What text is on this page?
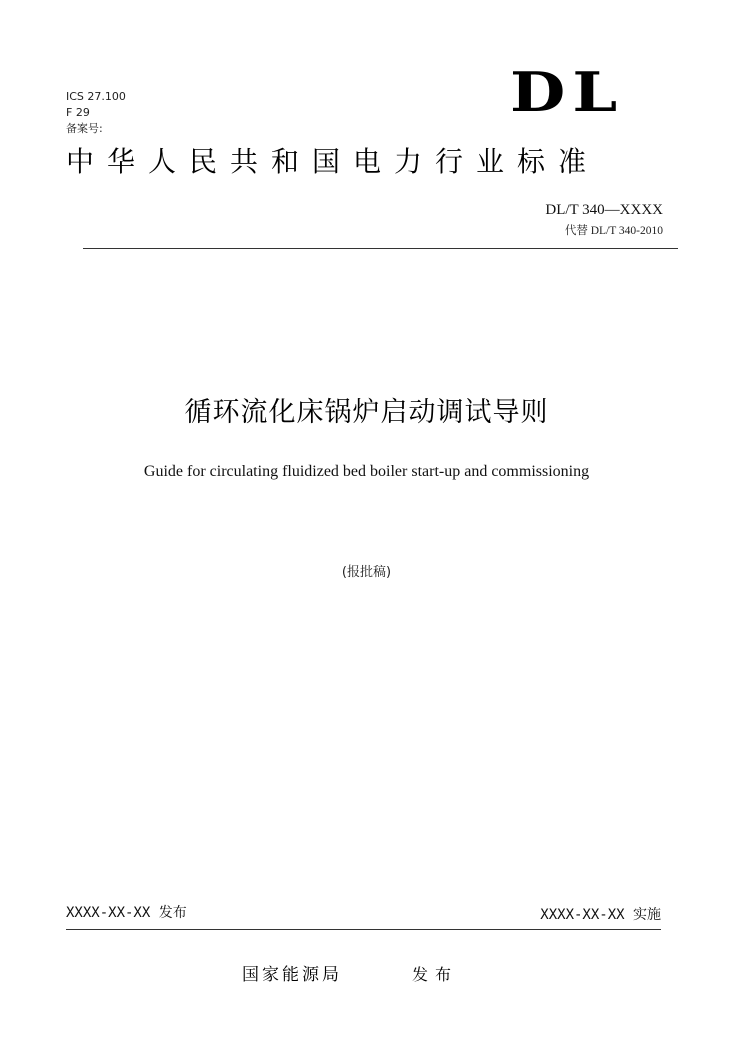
ICS 27.100
F 29
备案号:
DL
中华人民共和国电力行业标准
DL/T 340—XXXX
代替 DL/T 340-2010
循环流化床锅炉启动调试导则
Guide for circulating fluidized bed boiler start-up and commissioning
(报批稿)
XXXX-XX-XX 发布	XXXX-XX-XX 实施
国家能源局	发布
